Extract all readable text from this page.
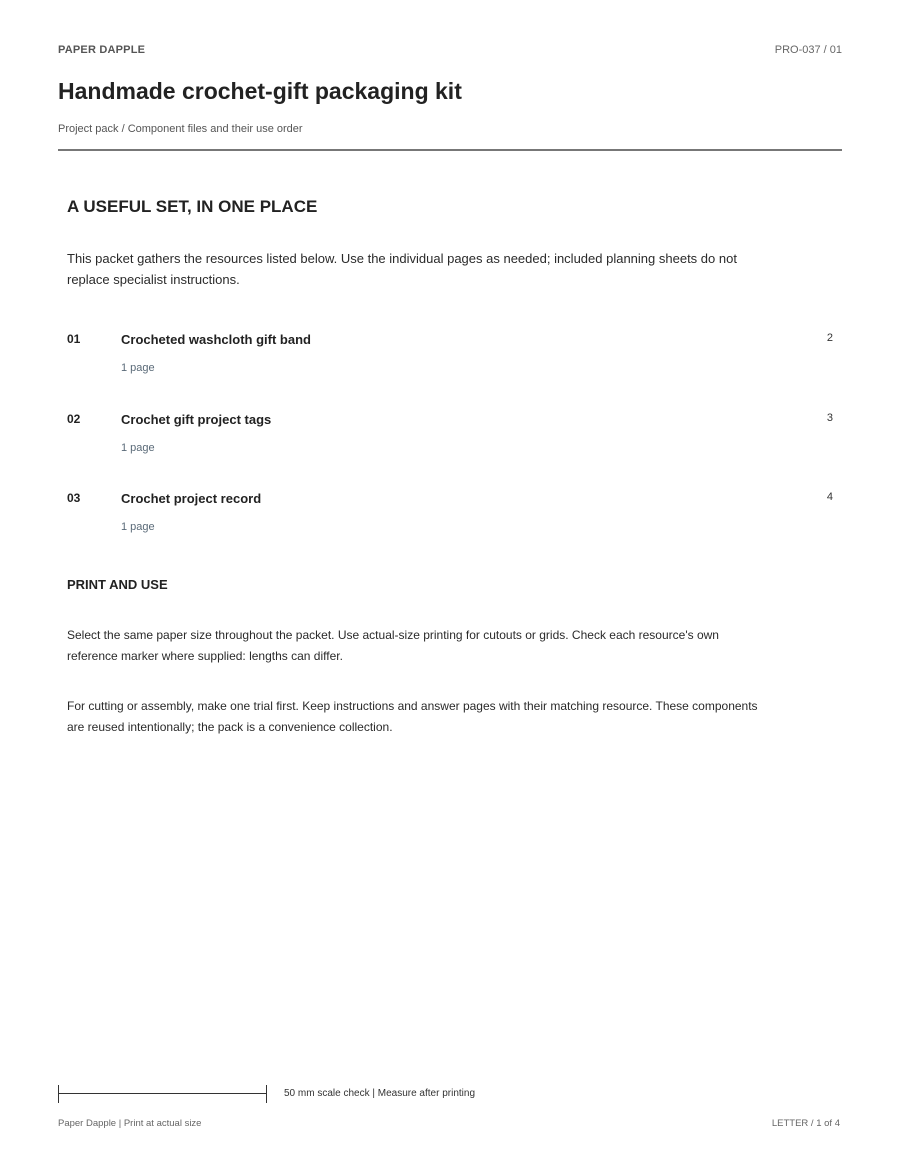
PAPER DAPPLE	PRO-037 / 01
Handmade crochet-gift packaging kit
Project pack / Component files and their use order
A USEFUL SET, IN ONE PLACE

This packet gathers the resources listed below. Use the individual pages as needed; included planning sheets do not replace specialist instructions.

01	Crocheted washcloth gift band	2
1 page
02	Crochet gift project tags	3
1 page
03	Crochet project record	4
1 page
PRINT AND USE

Select the same paper size throughout the packet. Use actual-size printing for cutouts or grids. Check each resource's own reference marker where supplied: lengths can differ.

For cutting or assembly, make one trial first. Keep instructions and answer pages with their matching resource. These components are reused intentionally; the pack is a convenience collection.

50 mm scale check | Measure after printing
Paper Dapple | Print at actual size	LETTER / 1 of 4
